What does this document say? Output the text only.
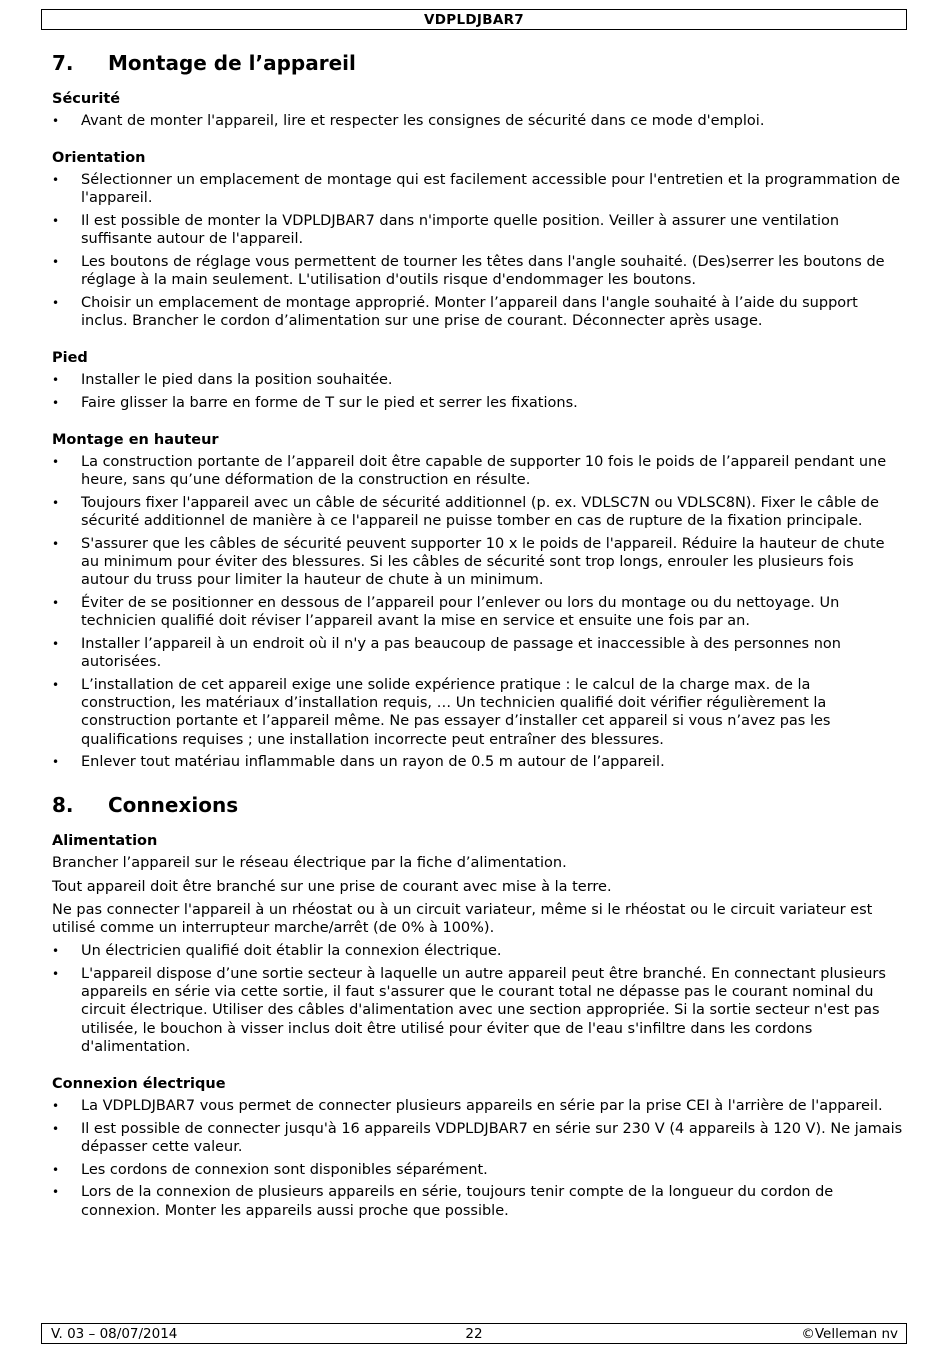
VDPLDJBAR7
7.	Montage de l’appareil
Sécurité
• Avant de monter l'appareil, lire et respecter les consignes de sécurité dans ce mode d'emploi.
Orientation
• Sélectionner un emplacement de montage qui est facilement accessible pour l'entretien et la programmation de l'appareil.
• Il est possible de monter la VDPLDJBAR7 dans n'importe quelle position. Veiller à assurer une ventilation suffisante autour de l'appareil.
• Les boutons de réglage vous permettent de tourner les têtes dans l'angle souhaité. (Des)serrer les boutons de réglage à la main seulement. L'utilisation d'outils risque d'endommager les boutons.
• Choisir un emplacement de montage approprié. Monter l’appareil dans l'angle souhaité à l’aide du support inclus. Brancher le cordon d’alimentation sur une prise de courant. Déconnecter après usage.
Pied
• Installer le pied dans la position souhaitée.
• Faire glisser la barre en forme de T sur le pied et serrer les fixations.
Montage en hauteur
• La construction portante de l’appareil doit être capable de supporter 10 fois le poids de l’appareil pendant une heure, sans qu’une déformation de la construction en résulte.
• Toujours fixer l'appareil avec un câble de sécurité additionnel (p. ex. VDLSC7N ou VDLSC8N). Fixer le câble de sécurité additionnel de manière à ce l'appareil ne puisse tomber en cas de rupture de la fixation principale.
• S'assurer que les câbles de sécurité peuvent supporter 10 x le poids de l'appareil. Réduire la hauteur de chute au minimum pour éviter des blessures. Si les câbles de sécurité sont trop longs, enrouler les plusieurs fois autour du truss pour limiter la hauteur de chute à un minimum.
• Éviter de se positionner en dessous de l’appareil pour l’enlever ou lors du montage ou du nettoyage. Un technicien qualifié doit réviser l’appareil avant la mise en service et ensuite une fois par an.
• Installer l’appareil à un endroit où il n'y a pas beaucoup de passage et inaccessible à des personnes non autorisées.
• L’installation de cet appareil exige une solide expérience pratique : le calcul de la charge max. de la construction, les matériaux d’installation requis, … Un technicien qualifié doit vérifier régulièrement la construction portante et l’appareil même. Ne pas essayer d’installer cet appareil si vous n’avez pas les qualifications requises ; une installation incorrecte peut entraîner des blessures.
• Enlever tout matériau inflammable dans un rayon de 0.5 m autour de l’appareil.
8.	Connexions
Alimentation

Brancher l’appareil sur le réseau électrique par la fiche d’alimentation.

Tout appareil doit être branché sur une prise de courant avec mise à la terre.

Ne pas connecter l'appareil à un rhéostat ou à un circuit variateur, même si le rhéostat ou le circuit variateur est utilisé comme un interrupteur marche/arrêt (de 0% à 100%).

• Un électricien qualifié doit établir la connexion électrique.
• L'appareil dispose d’une sortie secteur à laquelle un autre appareil peut être branché. En connectant plusieurs appareils en série via cette sortie, il faut s'assurer que le courant total ne dépasse pas le courant nominal du circuit électrique. Utiliser des câbles d'alimentation avec une section appropriée. Si la sortie secteur n'est pas utilisée, le bouchon à visser inclus doit être utilisé pour éviter que de l'eau s'infiltre dans les cordons d'alimentation.
Connexion électrique
• La VDPLDJBAR7 vous permet de connecter plusieurs appareils en série par la prise CEI à l'arrière de l'appareil.
• Il est possible de connecter jusqu'à 16 appareils VDPLDJBAR7 en série sur 230 V (4 appareils à 120 V). Ne jamais dépasser cette valeur.
• Les cordons de connexion sont disponibles séparément.
• Lors de la connexion de plusieurs appareils en série, toujours tenir compte de la longueur du cordon de connexion. Monter les appareils aussi proche que possible.
V. 03 – 08/07/2014	22	©Velleman nv
